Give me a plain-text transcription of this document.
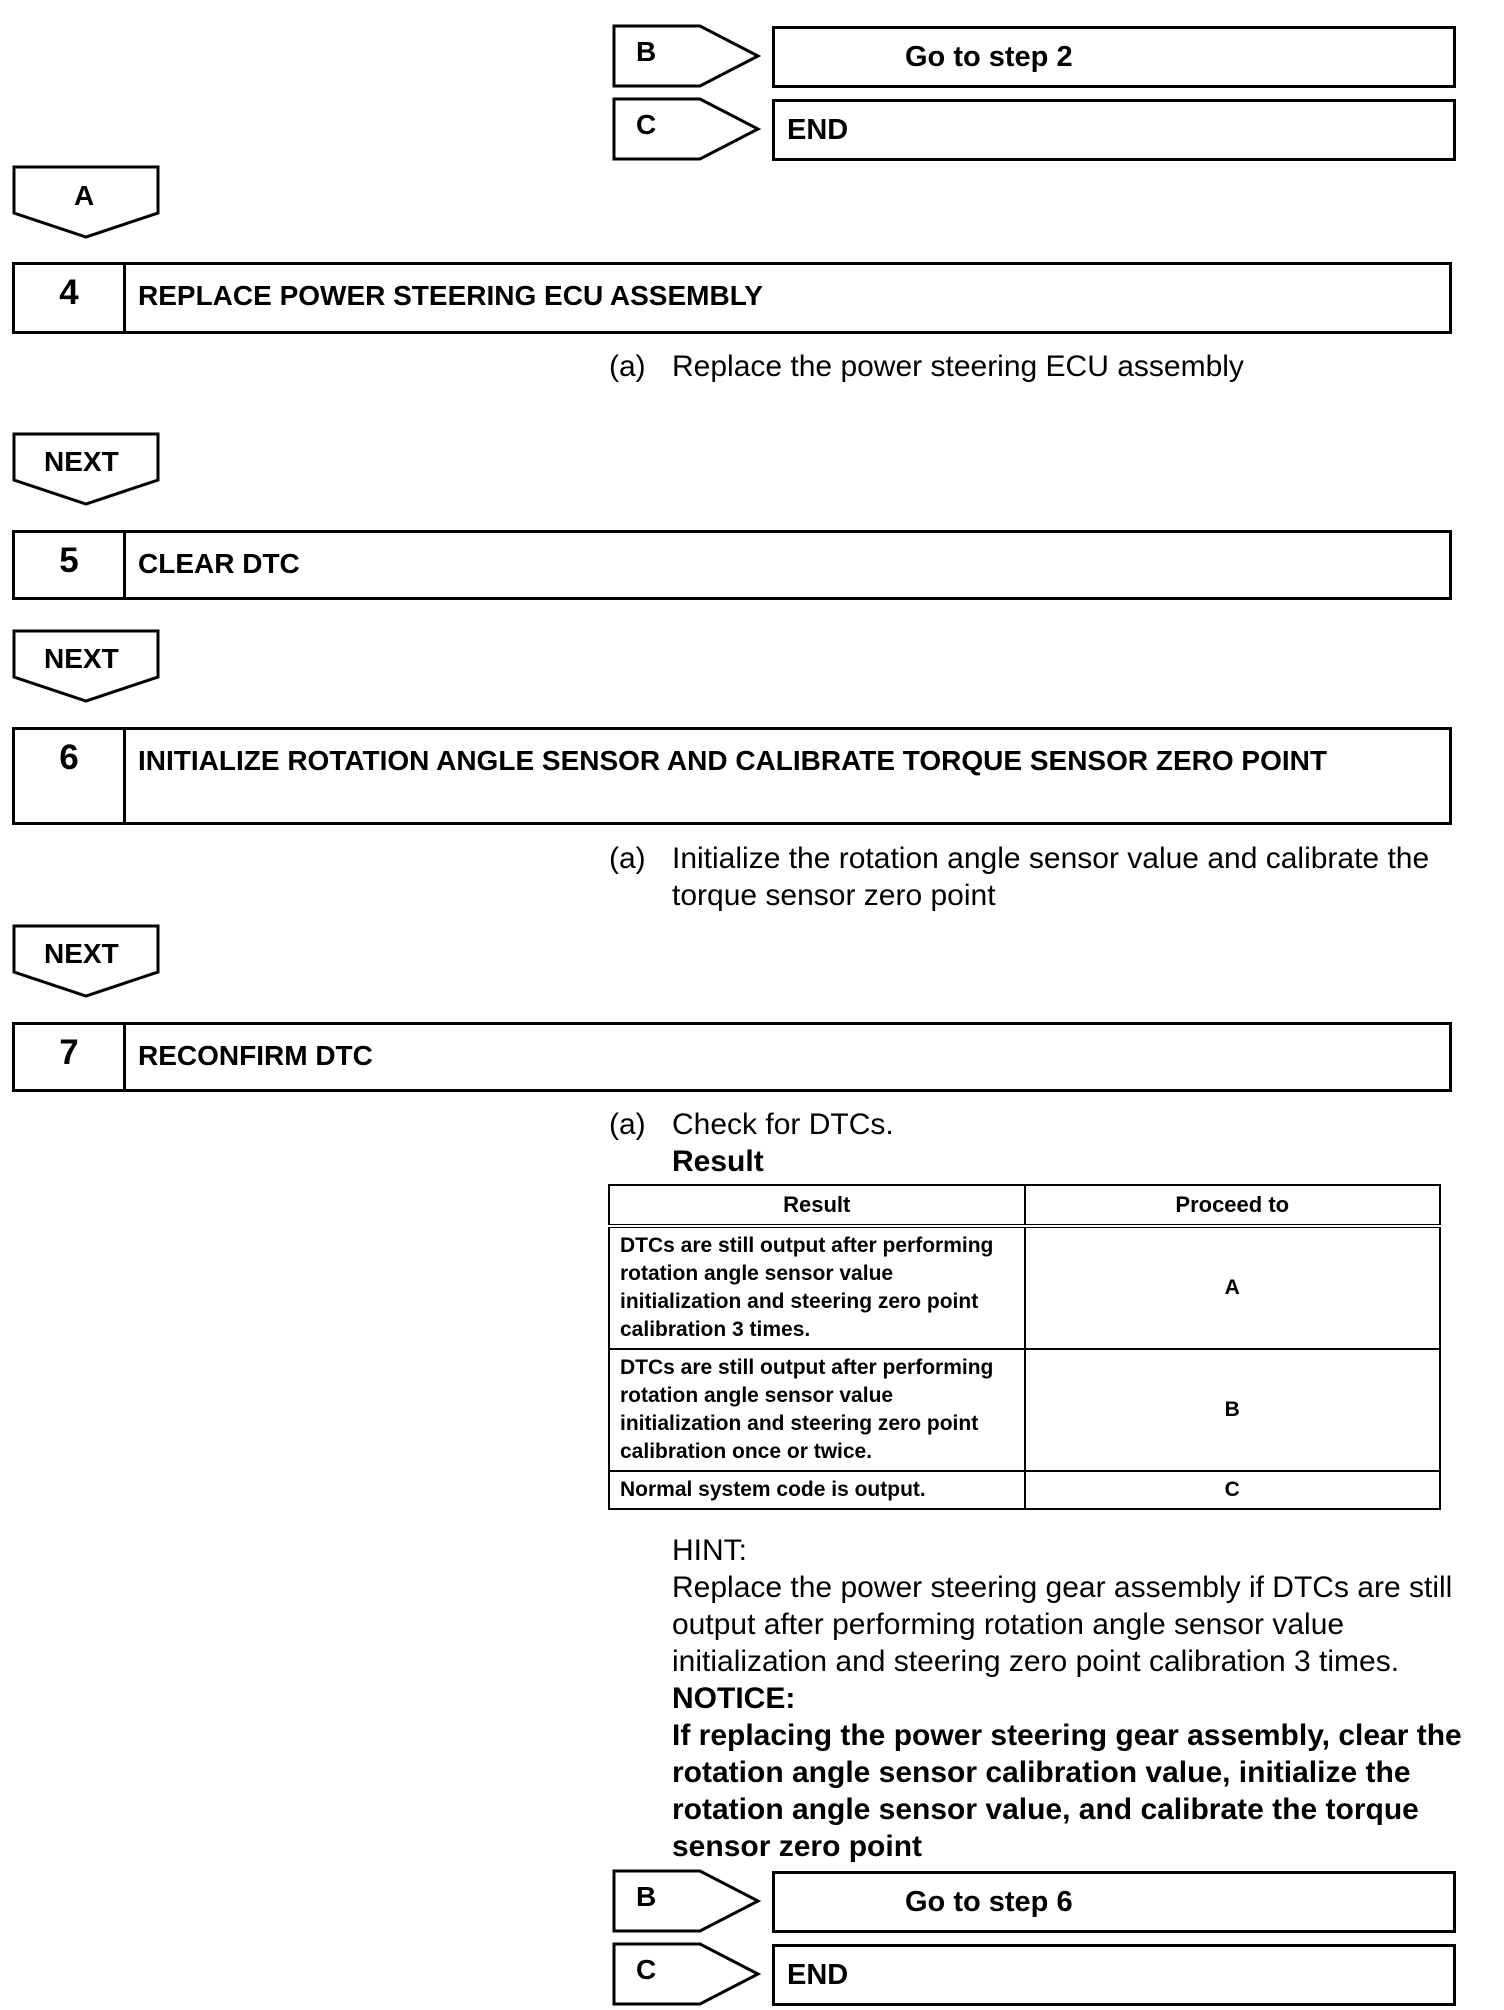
B	Go to step 2
C	END
A
4	REPLACE POWER STEERING ECU ASSEMBLY
(a) Replace the power steering ECU assembly
NEXT
5	CLEAR DTC
NEXT
6	INITIALIZE ROTATION ANGLE SENSOR AND CALIBRATE TORQUE SENSOR ZERO POINT
(a) Initialize the rotation angle sensor value and calibrate the torque sensor zero point
NEXT
7	RECONFIRM DTC
(a) Check for DTCs.
Result
Result	Proceed to
DTCs are still output after performing rotation angle sensor value initialization and steering zero point calibration 3 times.	A
DTCs are still output after performing rotation angle sensor value initialization and steering zero point calibration once or twice.	B
Normal system code is output.	C
HINT:
Replace the power steering gear assembly if DTCs are still output after performing rotation angle sensor value initialization and steering zero point calibration 3 times.
NOTICE:
If replacing the power steering gear assembly, clear the rotation angle sensor calibration value, initialize the rotation angle sensor value, and calibrate the torque sensor zero point
B	Go to step 6
C	END
